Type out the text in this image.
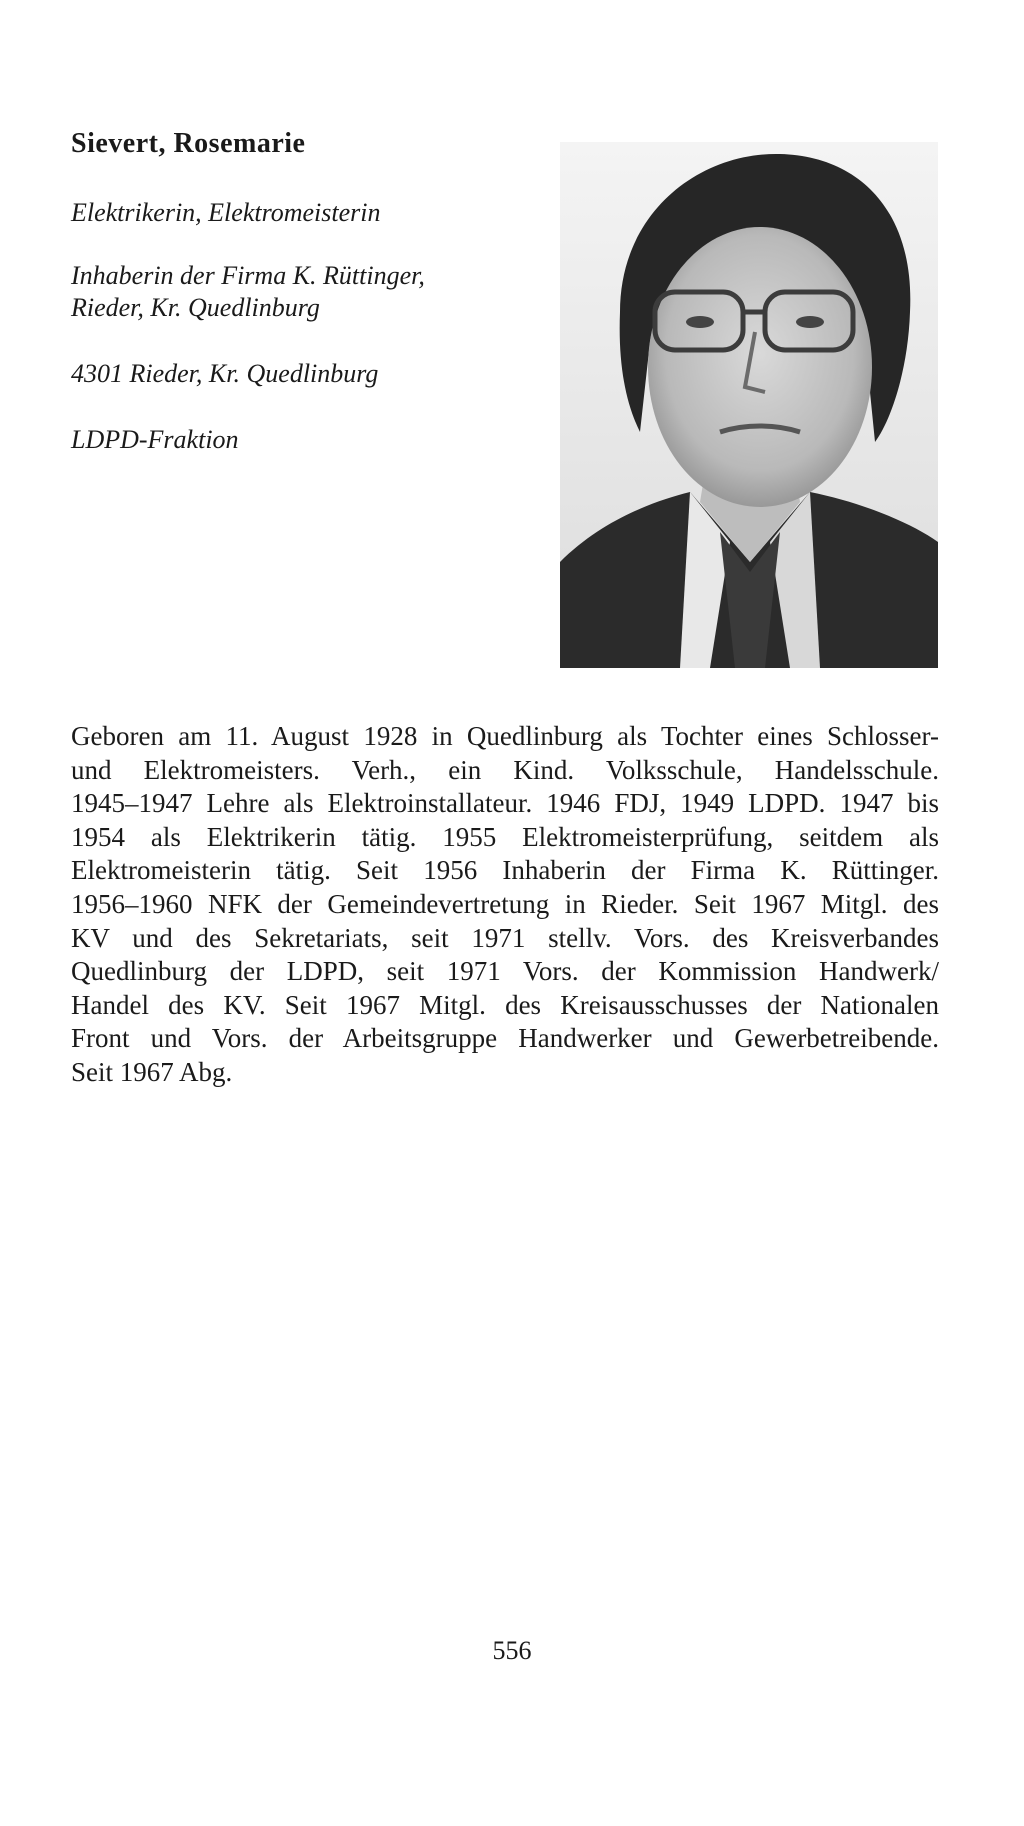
Sievert, Rosemarie
Elektrikerin, Elektromeisterin
Inhaberin der Firma K. Rüttinger,
Rieder, Kr. Quedlinburg
4301 Rieder, Kr. Quedlinburg
LDPD-Fraktion
Geboren am 11. August 1928 in Quedlinburg als Tochter eines Schlosser-
und Elektromeisters. Verh., ein Kind. Volksschule, Handelsschule.
1945–1947 Lehre als Elektroinstallateur. 1946 FDJ, 1949 LDPD. 1947 bis
1954 als Elektrikerin tätig. 1955 Elektromeisterprüfung, seitdem als
Elektromeisterin tätig. Seit 1956 Inhaberin der Firma K. Rüttinger.
1956–1960 NFK der Gemeindevertretung in Rieder. Seit 1967 Mitgl. des
KV und des Sekretariats, seit 1971 stellv. Vors. des Kreisverbandes
Quedlinburg der LDPD, seit 1971 Vors. der Kommission Handwerk/
Handel des KV. Seit 1967 Mitgl. des Kreisausschusses der Nationalen
Front und Vors. der Arbeitsgruppe Handwerker und Gewerbetreibende.
Seit 1967 Abg.
556
